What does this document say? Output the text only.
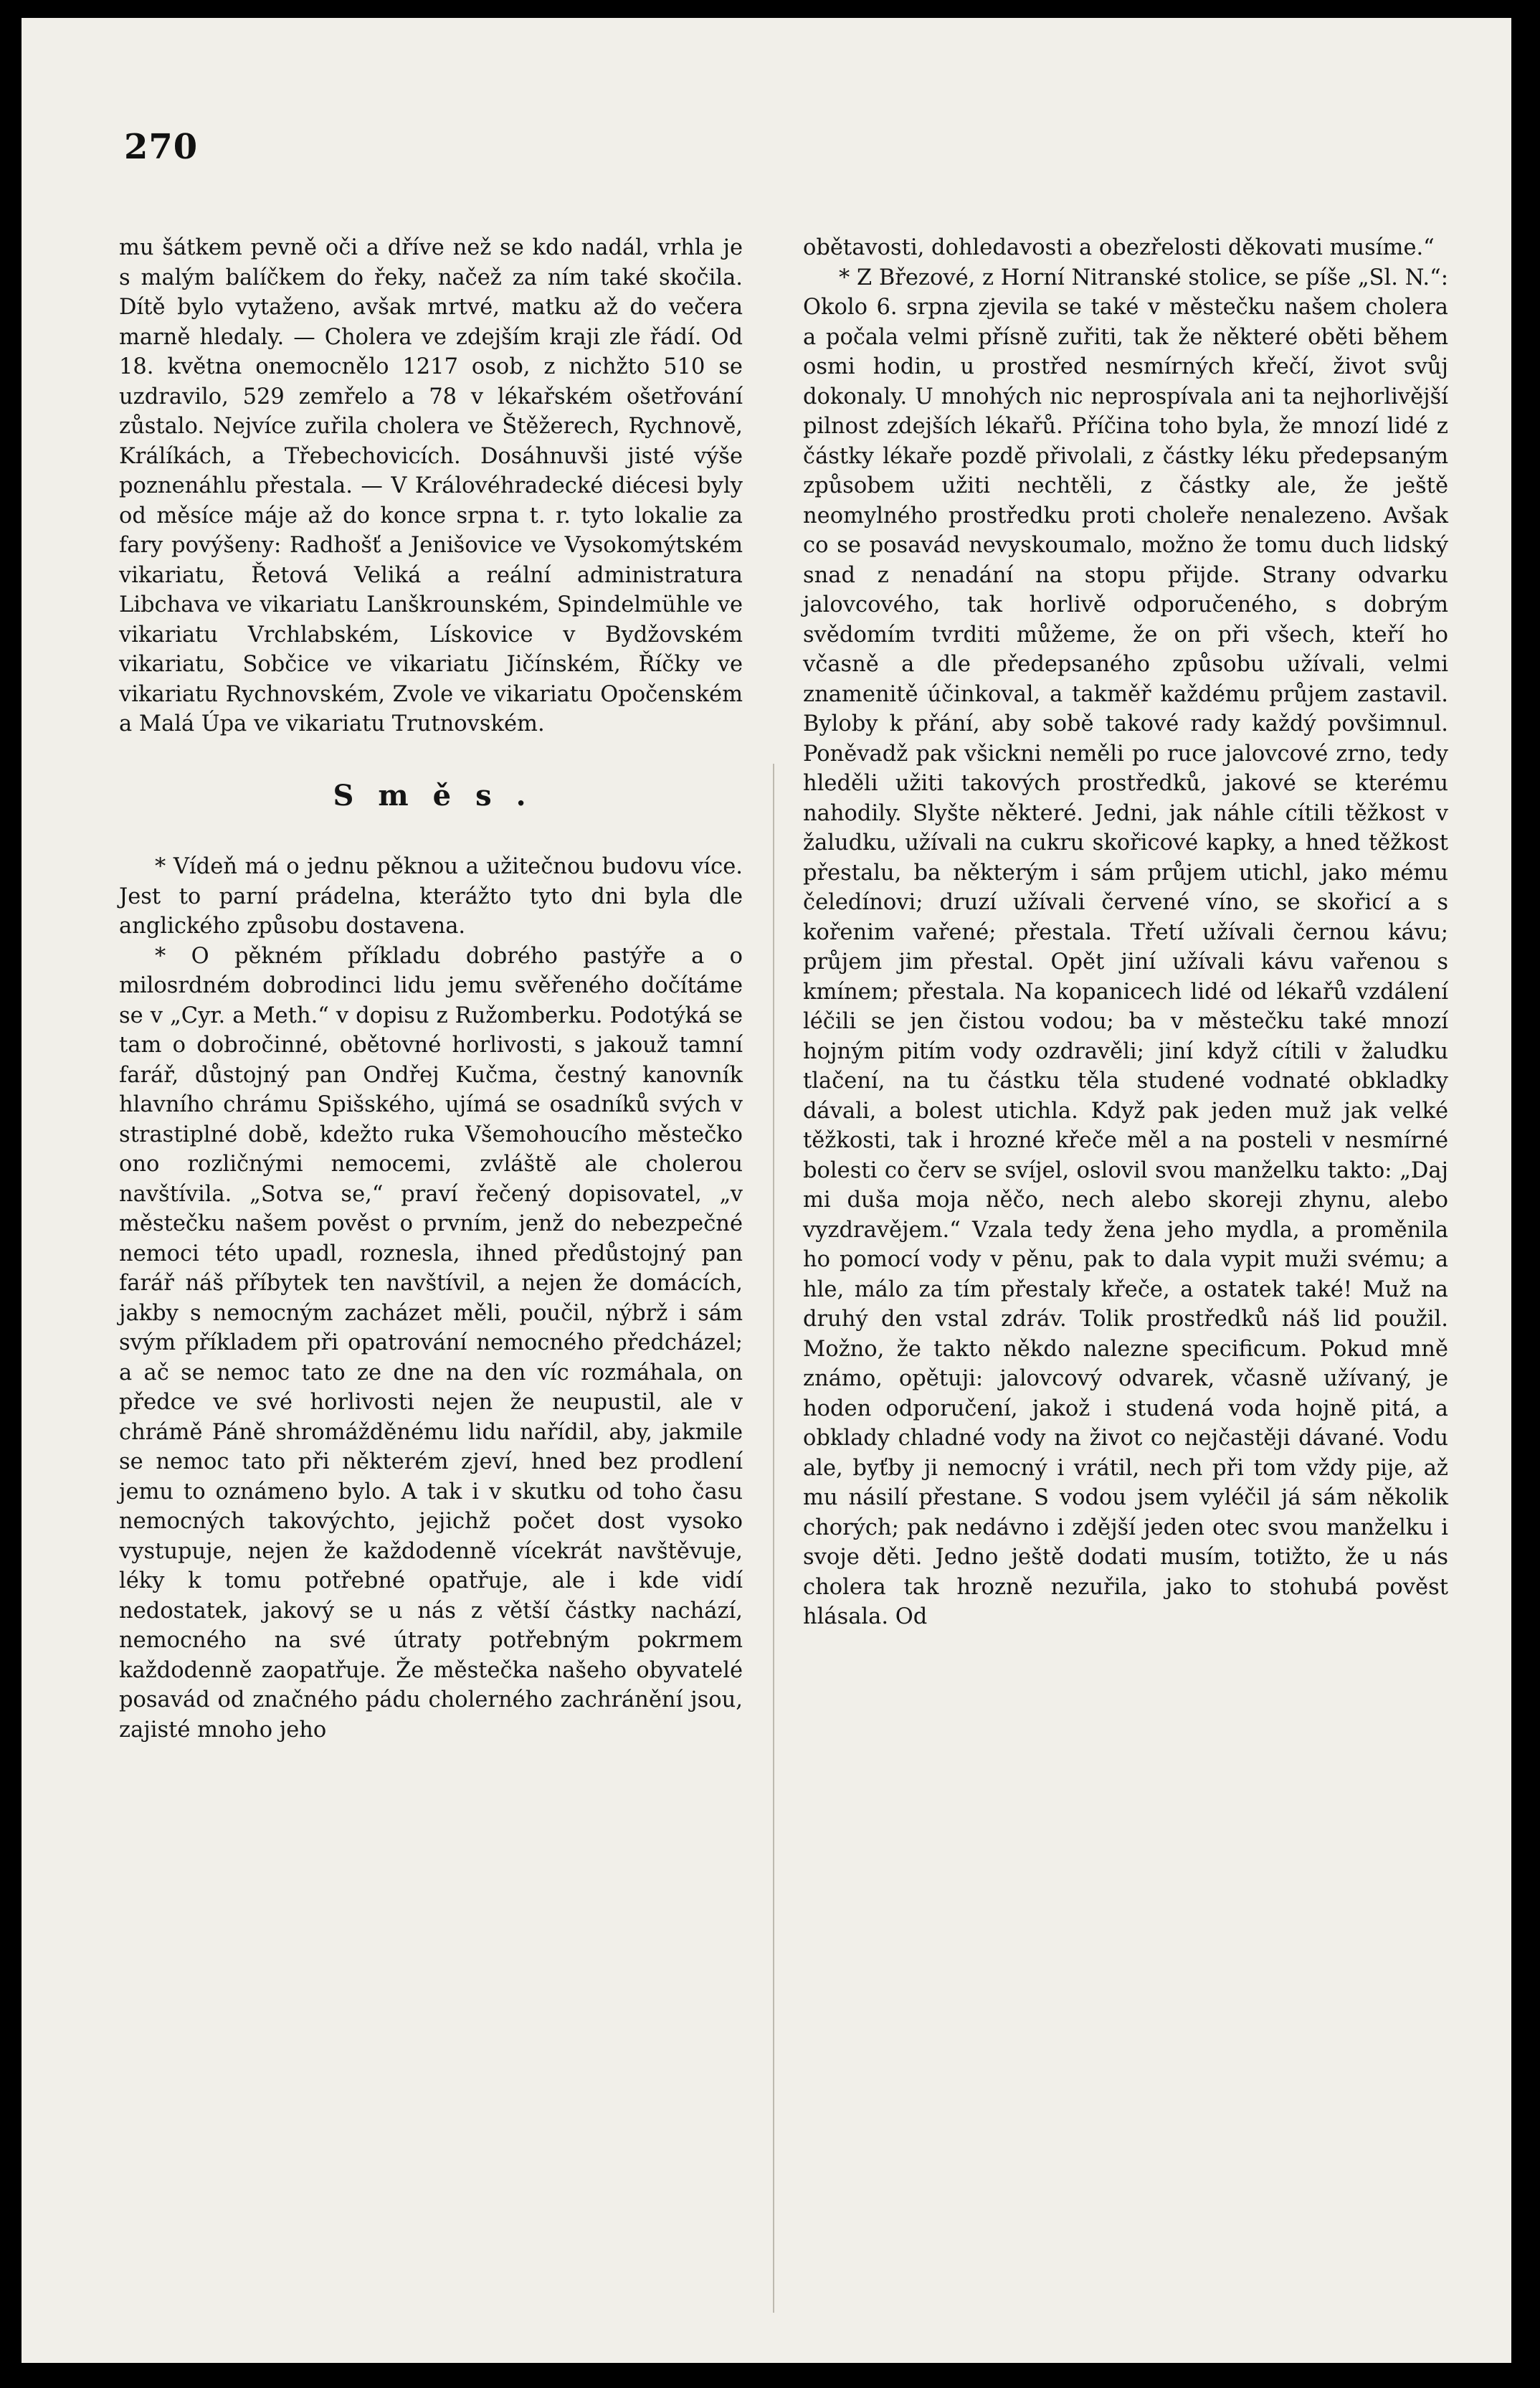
270

mu šátkem pevně oči a dříve než se kdo nadál, vrhla je s malým balíčkem do řeky, načež za ním také skočila. Dítě bylo vytaženo, avšak mrtvé, matku až do večera marně hledaly. — Cholera ve zdejším kraji zle řádí. Od 18. května onemocnělo 1217 osob, z nichžto 510 se uzdravilo, 529 zemřelo a 78 v lékařském ošetřování zůstalo. Nejvíce zuřila cholera ve Štěžerech, Rychnově, Králíkách, a Třebechovicích. Dosáhnuvši jisté výše poznenáhlu přestala. — V Královéhradecké diécesi byly od měsíce máje až do konce srpna t. r. tyto lokalie za fary povýšeny: Radhošť a Jenišovice ve Vysokomýtském vikariatu, Řetová Veliká a reální administratura Libchava ve vikariatu Lanškrounském, Spindelmühle ve vikariatu Vrchlabském, Lískovice v Bydžovském vikariatu, Sobčice ve vikariatu Jičínském, Říčky ve vikariatu Rychnovském, Zvole ve vikariatu Opočenském a Malá Úpa ve vikariatu Trutnovském.

Směs.

* Vídeň má o jednu pěknou a užitečnou budovu více. Jest to parní prádelna, kterážto tyto dni byla dle anglického způsobu dostavena.

* O pěkném příkladu dobrého pastýře a o milosrdném dobrodinci lidu jemu svěřeného dočítáme se v „Cyr. a Meth.“ v dopisu z Ružomberku. Podotýká se tam o dobročinné, obětovné horlivosti, s jakouž tamní farář, důstojný pan Ondřej Kučma, čestný kanovník hlavního chrámu Spišského, ujímá se osadníků svých v strastiplné době, kdežto ruka Všemohoucího městečko ono rozličnými nemocemi, zvláště ale cholerou navštívila. „Sotva se,“ praví řečený dopisovatel, „v městečku našem pověst o prvním, jenž do nebezpečné nemoci této upadl, roznesla, ihned předůstojný pan farář náš příbytek ten navštívil, a nejen že domácích, jakby s nemocným zacházet měli, poučil, nýbrž i sám svým příkladem při opatrování nemocného předcházel; a ač se nemoc tato ze dne na den víc rozmáhala, on předce ve své horlivosti nejen že neupustil, ale v chrámě Páně shromážděnému lidu nařídil, aby, jakmile se nemoc tato při některém zjeví, hned bez prodlení jemu to oznámeno bylo. A tak i v skutku od toho času nemocných takovýchto, jejichž počet dost vysoko vystupuje, nejen že každodenně vícekrát navštěvuje, léky k tomu potřebné opatřuje, ale i kde vidí nedostatek, jakový se u nás z větší částky nachází, nemocného na své útraty potřebným pokrmem každodenně zaopatřuje. Že městečka našeho obyvatelé posavád od značného pádu cholerného zachránění jsou, zajisté mnoho jeho

obětavosti, dohledavosti a obezřelosti děkovati musíme.“

* Z Březové, z Horní Nitranské stolice, se píše „Sl. N.“: Okolo 6. srpna zjevila se také v městečku našem cholera a počala velmi přísně zuřiti, tak že některé oběti během osmi hodin, u prostřed nesmírných křečí, život svůj dokonaly. U mnohých nic neprospívala ani ta nejhorlivější pilnost zdejších lékařů. Příčina toho byla, že mnozí lidé z částky lékaře pozdě přivolali, z částky léku předepsaným způsobem užiti nechtěli, z částky ale, že ještě neomylného prostředku proti choleře nenalezeno. Avšak co se posavád nevyskoumalo, možno že tomu duch lidský snad z nenadání na stopu přijde. Strany odvarku jalovcového, tak horlivě odporučeného, s dobrým svědomím tvrditi můžeme, že on při všech, kteří ho včasně a dle předepsaného způsobu užívali, velmi znamenitě účinkoval, a takměř každému průjem zastavil. Byloby k přání, aby sobě takové rady každý povšimnul. Poněvadž pak všickni neměli po ruce jalovcové zrno, tedy hleděli užiti takových prostředků, jakové se kterému nahodily. Slyšte některé. Jedni, jak náhle cítili těžkost v žaludku, užívali na cukru skořicové kapky, a hned těžkost přestalu, ba některým i sám průjem utichl, jako mému čeledínovi; druzí užívali červené víno, se skořicí a s kořenim vařené; přestala. Třetí užívali černou kávu; průjem jim přestal. Opět jiní užívali kávu vařenou s kmínem; přestala. Na kopanicech lidé od lékařů vzdálení léčili se jen čistou vodou; ba v městečku také mnozí hojným pitím vody ozdravěli; jiní když cítili v žaludku tlačení, na tu částku těla studené vodnaté obkladky dávali, a bolest utichla. Když pak jeden muž jak velké těžkosti, tak i hrozné křeče měl a na posteli v nesmírné bolesti co červ se svíjel, oslovil svou manželku takto: „Daj mi duša moja něčo, nech alebo skoreji zhynu, alebo vyzdravějem.“ Vzala tedy žena jeho mydla, a proměnila ho pomocí vody v pěnu, pak to dala vypit muži svému; a hle, málo za tím přestaly křeče, a ostatek také! Muž na druhý den vstal zdráv. Tolik prostředků náš lid použil. Možno, že takto někdo nalezne specificum. Pokud mně známo, opětuji: jalovcový odvarek, včasně užívaný, je hoden odporučení, jakož i studená voda hojně pitá, a obklady chladné vody na život co nejčastěji dávané. Vodu ale, byťby ji nemocný i vrátil, nech při tom vždy pije, až mu násilí přestane. S vodou jsem vyléčil já sám několik chorých; pak nedávno i zdější jeden otec svou manželku i svoje děti. Jedno ještě dodati musím, totižto, že u nás cholera tak hrozně nezuřila, jako to stohubá pověst hlásala. Od
